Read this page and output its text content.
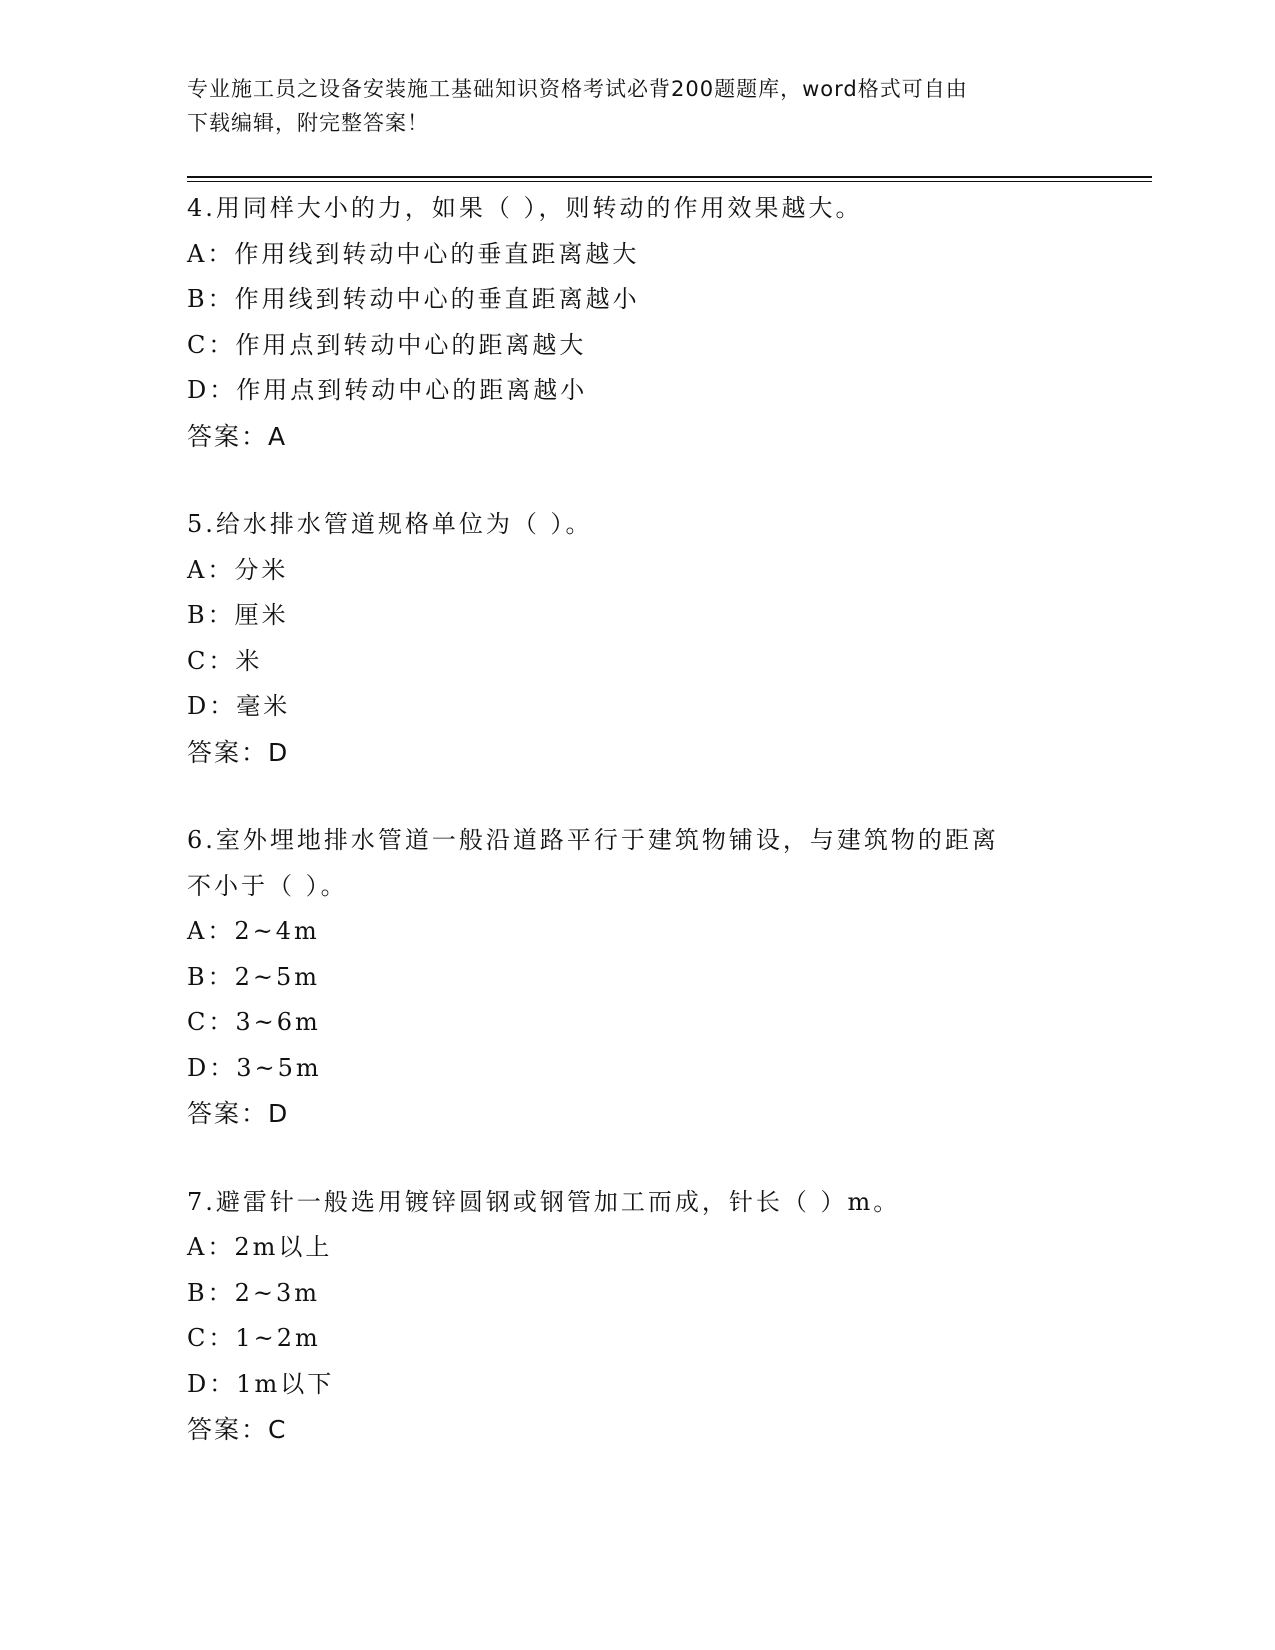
专业施工员之设备安装施工基础知识资格考试必背200题题库，word格式可自由
下载编辑，附完整答案！

4.用同样大小的力，如果（ ），则转动的作用效果越大。

A：作用线到转动中心的垂直距离越大

B：作用线到转动中心的垂直距离越小

C：作用点到转动中心的距离越大

D：作用点到转动中心的距离越小

答案：A

5.给水排水管道规格单位为（ ）。

A：分米

B：厘米

C：米

D：毫米

答案：D

6.室外埋地排水管道一般沿道路平行于建筑物铺设，与建筑物的距离

不小于（ ）。

A：2~4m

B：2~5m

C：3~6m

D：3~5m

答案：D

7.避雷针一般选用镀锌圆钢或钢管加工而成，针长（ ）m。

A：2m以上

B：2~3m

C：1~2m

D：1m以下

答案：C
